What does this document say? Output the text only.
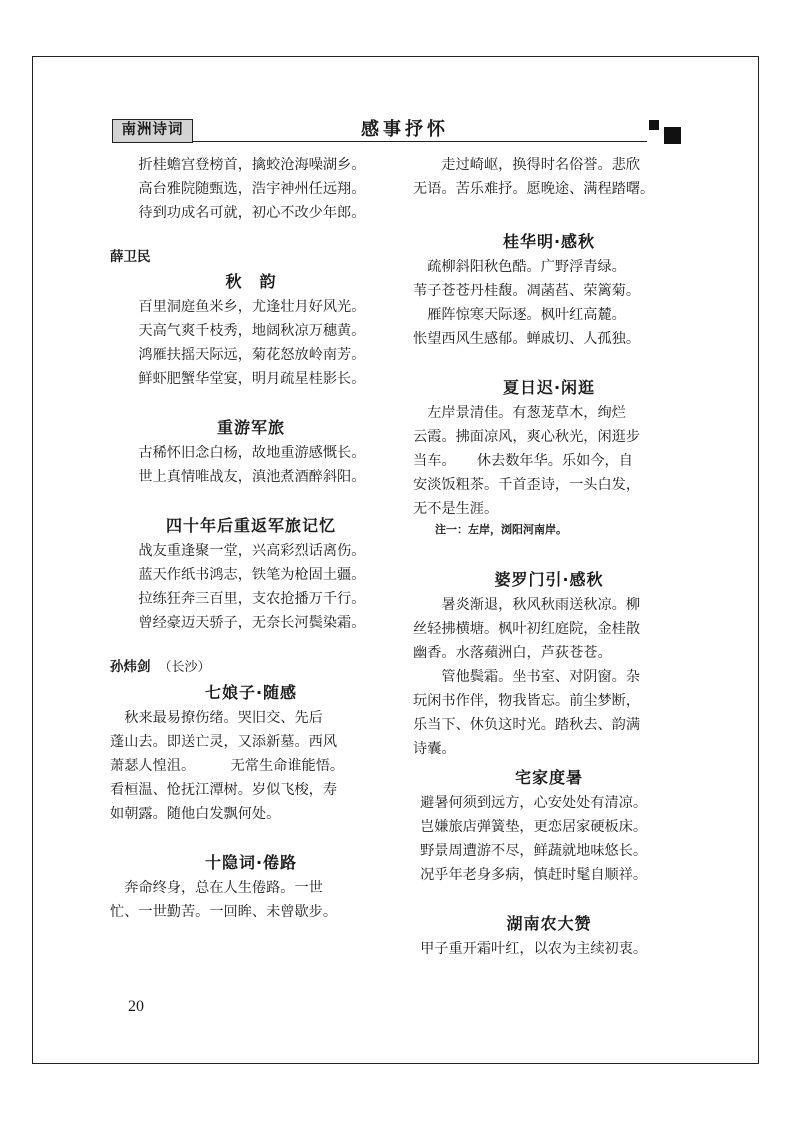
南洲诗词	感事抒怀
折桂蟾宫登榜首，擒蛟沧海噪湖乡。
高台雅院随甄选，浩宇神州任远翔。
待到功成名可就，初心不改少年郎。
薛卫民
秋　韵
百里洞庭鱼米乡，尤逢壮月好风光。
天高气爽千枝秀，地阔秋凉万穗黄。
鸿雁扶摇天际远，菊花怒放岭南芳。
鲜虾肥蟹华堂宴，明月疏星桂影长。
重游军旅
古稀怀旧念白杨，故地重游感慨长。
世上真情唯战友，滇池煮酒醉斜阳。
四十年后重返军旅记忆
战友重逢聚一堂，兴高彩烈话离伤。
蓝天作纸书鸿志，铁笔为枪固土疆。
拉练狂奔三百里，支农抢播万千行。
曾经豪迈天骄子，无奈长河鬓染霜。
孙炜剑 （长沙）
七娘子·随感
秋来最易撩伤绪。哭旧交、先后
蓬山去。即送亡灵，又添新墓。西风
萧瑟人惶沮。　　　无常生命谁能悟。
看桓温、怆抚江潭树。岁似飞梭，寿
如朝露。随他白发飘何处。
十隐词·倦路
奔命终身，总在人生倦路。一世
忙、一世勤苦。一回眸、未曾歇步。
走过崎岖，换得时名俗誉。悲欣
无语。苦乐难抒。愿晚途、满程踏曙。
桂华明·感秋
疏柳斜阳秋色酷。广野浮青绿。
苇子苍苍丹桂馥。凋菡萏、荣篱菊。
雁阵惊寒天际逐。枫叶红高麓。
怅望西风生感郁。蝉戚切、人孤独。
夏日迟·闲逛
左岸景清佳。有葱茏草木，绚烂
云霞。拂面凉风，爽心秋光，闲逛步
当车。　　休去数年华。乐如今，自
安淡饭粗茶。千首歪诗，一头白发，
无不是生涯。
注一：左岸，浏阳河南岸。
婆罗门引·感秋
暑炎渐退，秋风秋雨送秋凉。柳
丝轻拂横塘。枫叶初红庭院，金桂散
幽香。水落蘋洲白，芦荻苍苍。
管他鬓霜。坐书室、对阴窗。杂
玩闲书作伴，物我皆忘。前尘梦断，
乐当下、休负这时光。踏秋去、韵满
诗囊。
宅家度暑
避暑何须到远方，心安处处有清凉。
岂嫌旅店弹簧垫，更恋居家硬板床。
野景周遭游不尽，鲜蔬就地味悠长。
况乎年老身多病，慎赶时髦自顺祥。
湖南农大赞
甲子重开霜叶红，以农为主续初衷。
20
